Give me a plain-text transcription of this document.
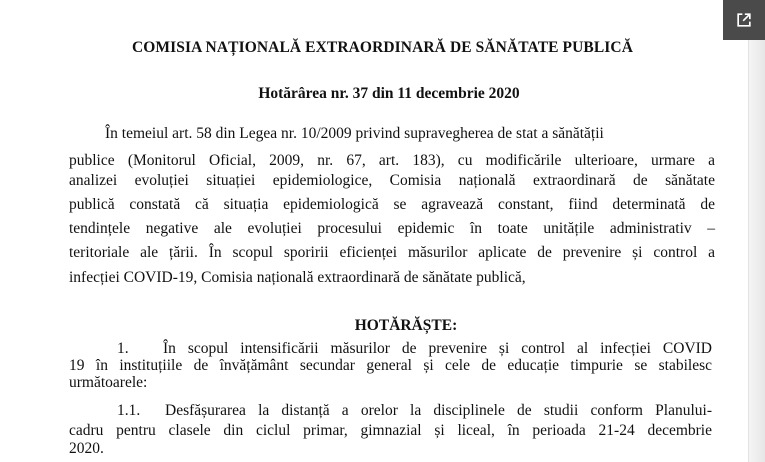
COMISIA NAȚIONALĂ EXTRAORDINARĂ DE SĂNĂTATE PUBLICĂ
Hotărârea nr. 37 din 11 decembrie 2020
În temeiul art. 58 din Legea nr. 10/2009 privind supravegherea de stat a sănătății
publice (Monitorul Oficial, 2009, nr. 67, art. 183), cu modificările ulterioare, urmare a
analizei evoluției situației epidemiologice, Comisia națională extraordinară de sănătate
publică constată că situația epidemiologică se agravează constant, fiind determinată de
tendințele negative ale evoluției procesului epidemic în toate unitățile administrativ –
teritoriale ale țării. În scopul sporirii eficienței măsurilor aplicate de prevenire și control a
infecției COVID-19, Comisia națională extraordinară de sănătate publică,
HOTĂRĂȘTE:
1. În scopul intensificării măsurilor de prevenire și control al infecției COVID
19 în instituțiile de învățământ secundar general și cele de educație timpurie se stabilesc
următoarele:
1.1. Desfășurarea la distanță a orelor la disciplinele de studii conform Planului-
cadru pentru clasele din ciclul primar, gimnazial și liceal, în perioada 21-24 decembrie
2020.
